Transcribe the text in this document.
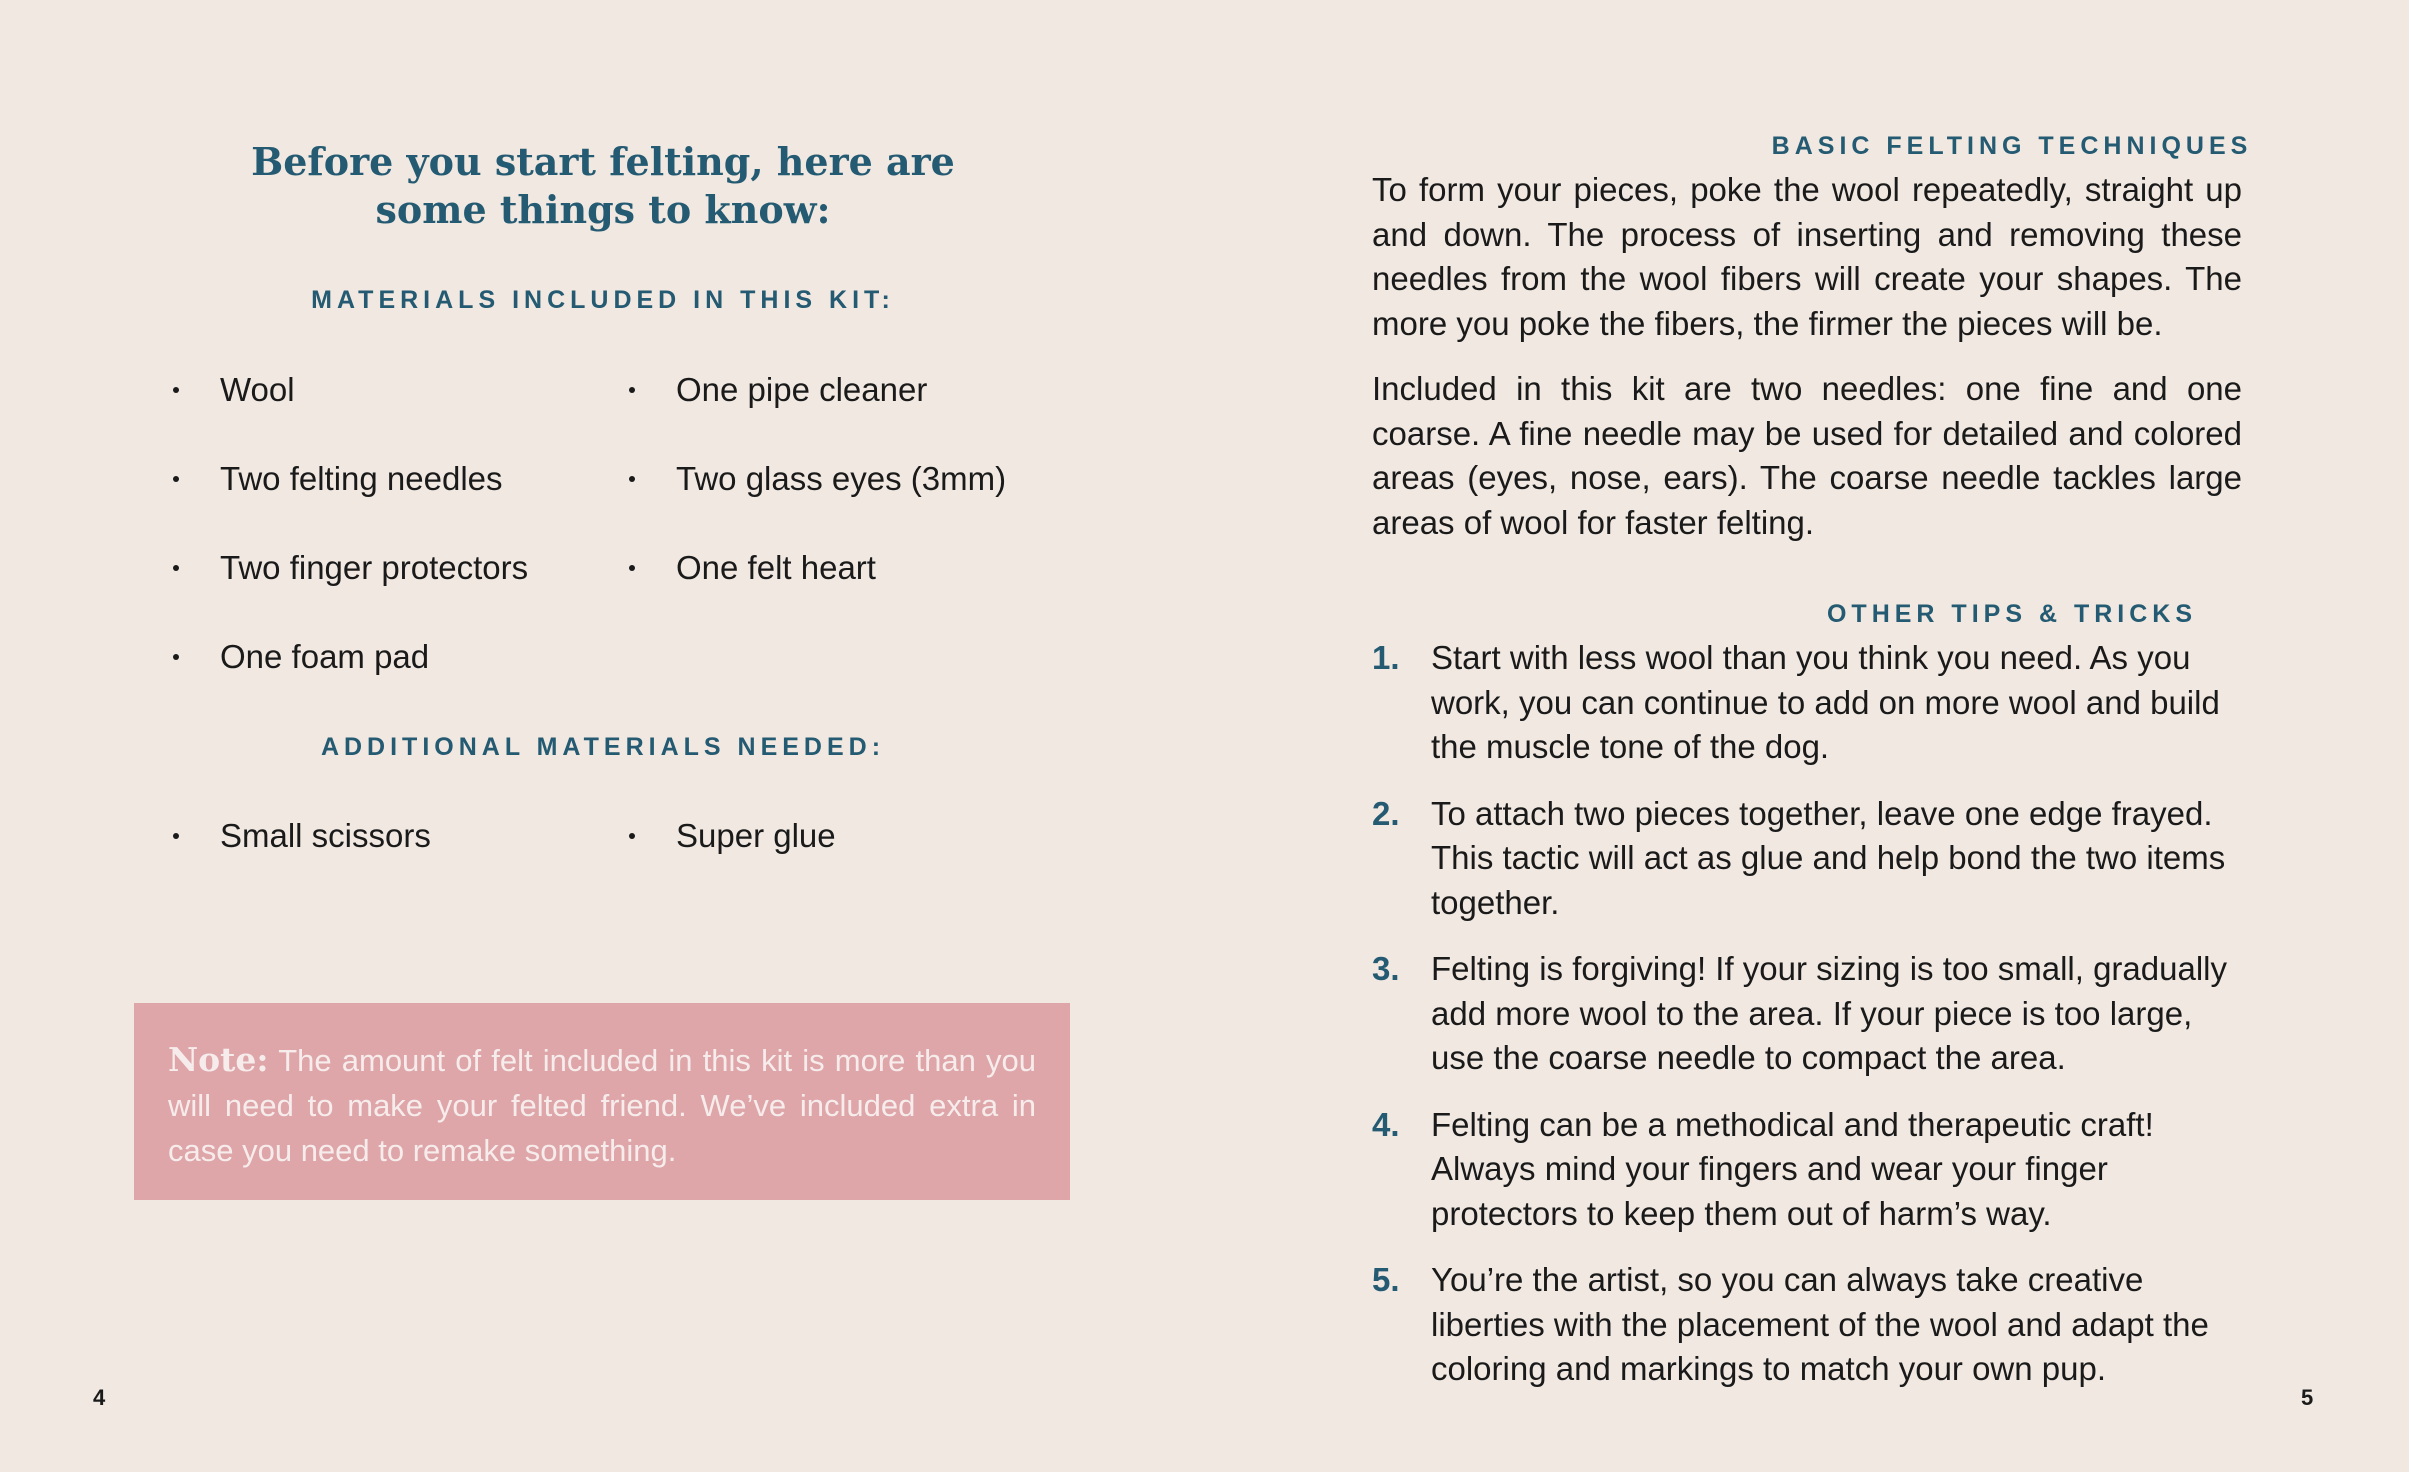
Before you start felting, here are
some things to know:
MATERIALS INCLUDED IN THIS KIT:
Wool
Two felting needles
Two finger protectors
One foam pad
One pipe cleaner
Two glass eyes (3mm)
One felt heart
ADDITIONAL MATERIALS NEEDED:
Small scissors	Super glue

Note: The amount of felt included in this kit is more than you will need to make your felted friend. We’ve included extra in case you need to remake something.

4
BASIC FELTING TECHNIQUES

To form your pieces, poke the wool repeatedly, straight up and down. The process of inserting and removing these needles from the wool fibers will create your shapes. The more you poke the fibers, the firmer the pieces will be.

Included in this kit are two needles: one fine and one coarse. A fine needle may be used for detailed and colored areas (eyes, nose, ears). The coarse needle tackles large areas of wool for faster felting.

OTHER TIPS & TRICKS
1. Start with less wool than you think you need. As you work, you can continue to add on more wool and build the muscle tone of the dog.
2. To attach two pieces together, leave one edge frayed. This tactic will act as glue and help bond the two items together.
3. Felting is forgiving! If your sizing is too small, gradually add more wool to the area. If your piece is too large, use the coarse needle to compact the area.
4. Felting can be a methodical and therapeutic craft! Always mind your fingers and wear your finger protectors to keep them out of harm’s way.
5. You’re the artist, so you can always take creative liberties with the placement of the wool and adapt the coloring and markings to match your own pup.
5
